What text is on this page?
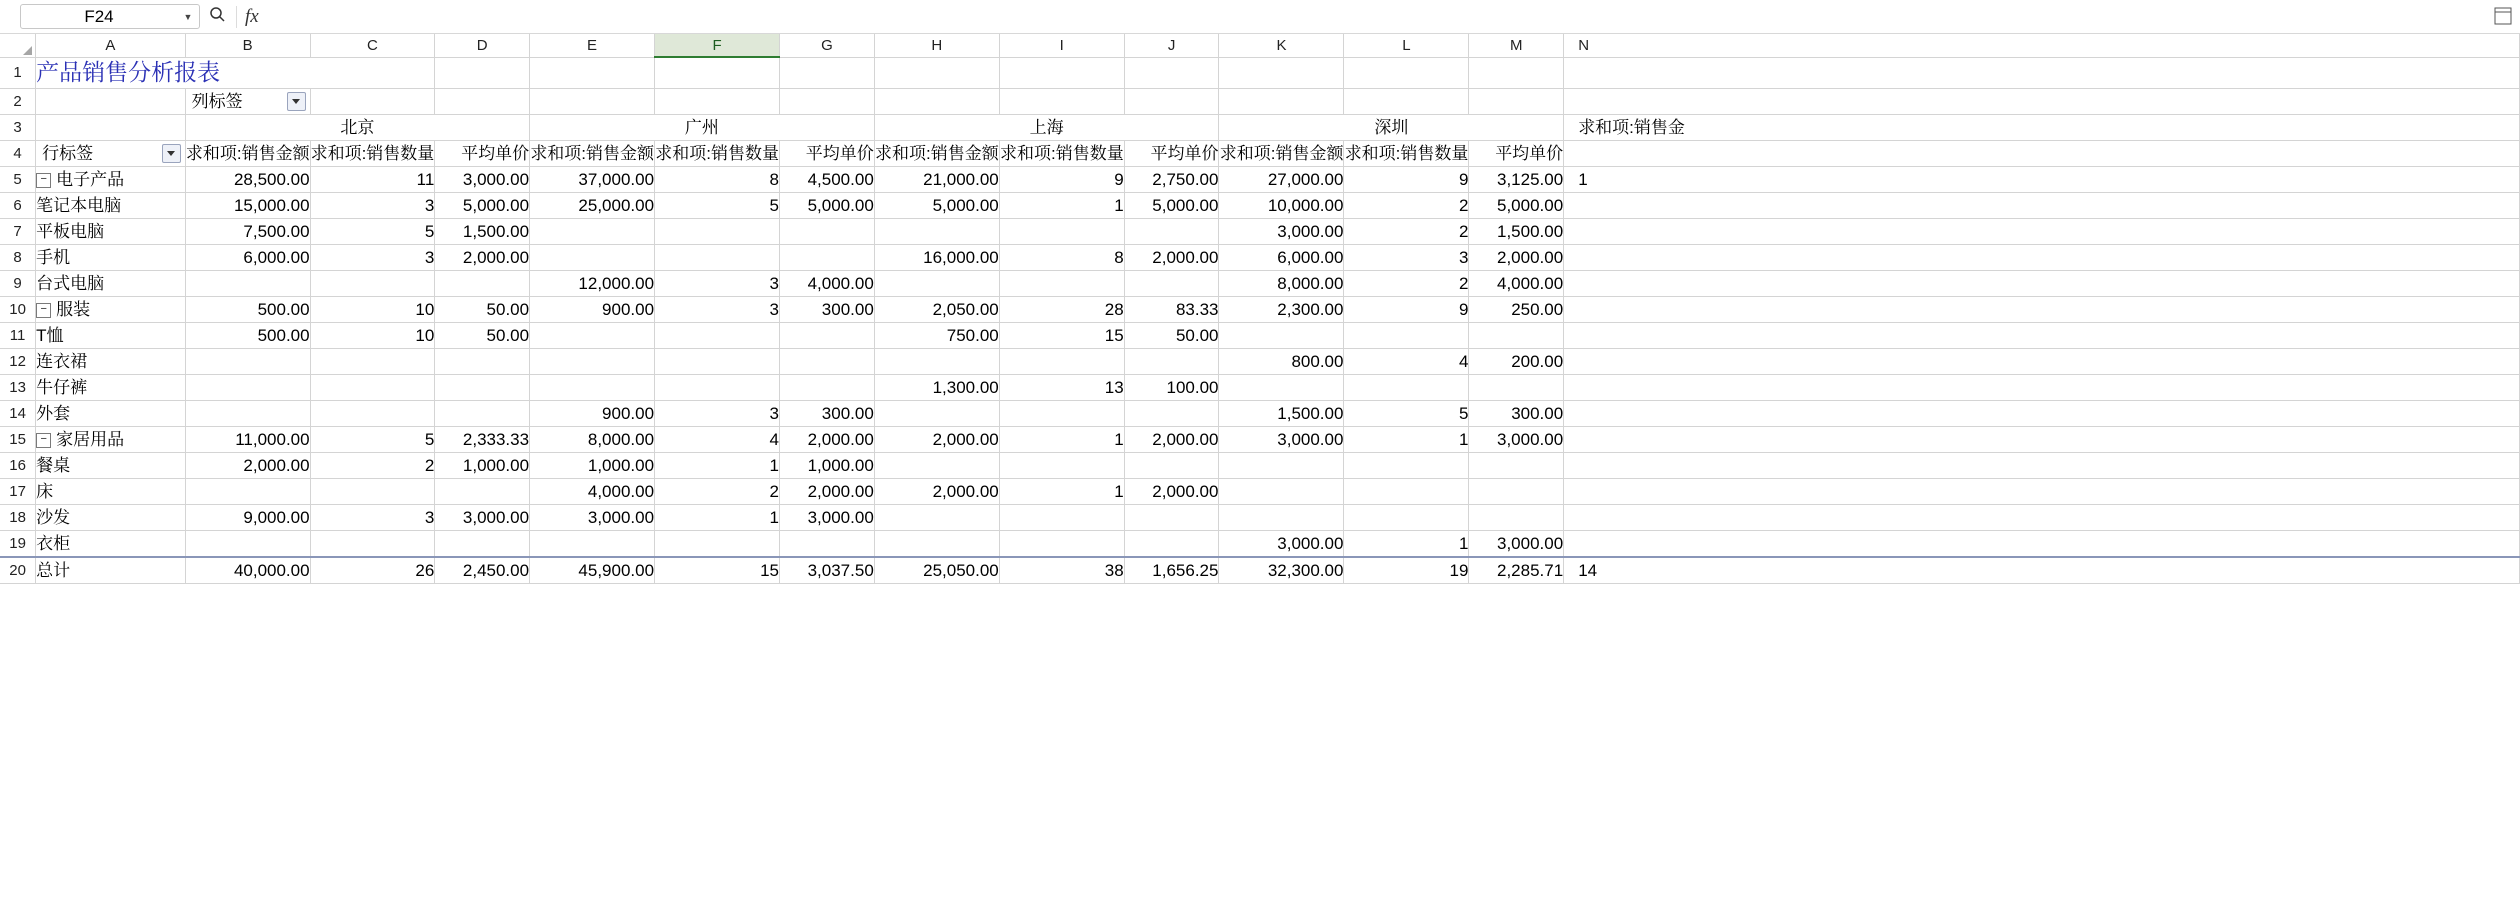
F24	▼	fx
	A	B	C	D	E	F	G	H	I	J	K	L	M	N
1	产品销售分析报表													
2		列标签												

3		北京			广州			上海			深圳			求和项:销售金
4	行标签	求和项:销售金额	求和项:销售数量	平均单价	求和项:销售金额	求和项:销售数量	平均单价	求和项:销售金额	求和项:销售数量	平均单价	求和项:销售金额	求和项:销售数量	平均单价	
5	− 电子产品	28,500.00	11	3,000.00	37,000.00	8	4,500.00	21,000.00	9	2,750.00	27,000.00	9	3,125.00	1
6	笔记本电脑	15,000.00	3	5,000.00	25,000.00	5	5,000.00	5,000.00	1	5,000.00	10,000.00	2	5,000.00	
7	平板电脑	7,500.00	5	1,500.00							3,000.00	2	1,500.00	
8	手机	6,000.00	3	2,000.00				16,000.00	8	2,000.00	6,000.00	3	2,000.00	
9	台式电脑				12,000.00	3	4,000.00				8,000.00	2	4,000.00	
10	− 服装	500.00	10	50.00	900.00	3	300.00	2,050.00	28	83.33	2,300.00	9	250.00	
11	T恤	500.00	10	50.00				750.00	15	50.00				
12	连衣裙										800.00	4	200.00	
13	牛仔裤							1,300.00	13	100.00				
14	外套				900.00	3	300.00				1,500.00	5	300.00	
15	− 家居用品	11,000.00	5	2,333.33	8,000.00	4	2,000.00	2,000.00	1	2,000.00	3,000.00	1	3,000.00	
16	餐桌	2,000.00	2	1,000.00	1,000.00	1	1,000.00							
17	床				4,000.00	2	2,000.00	2,000.00	1	2,000.00				
18	沙发	9,000.00	3	3,000.00	3,000.00	1	3,000.00							
19	衣柜										3,000.00	1	3,000.00	
20	总计	40,000.00	26	2,450.00	45,900.00	15	3,037.50	25,050.00	38	1,656.25	32,300.00	19	2,285.71	14
